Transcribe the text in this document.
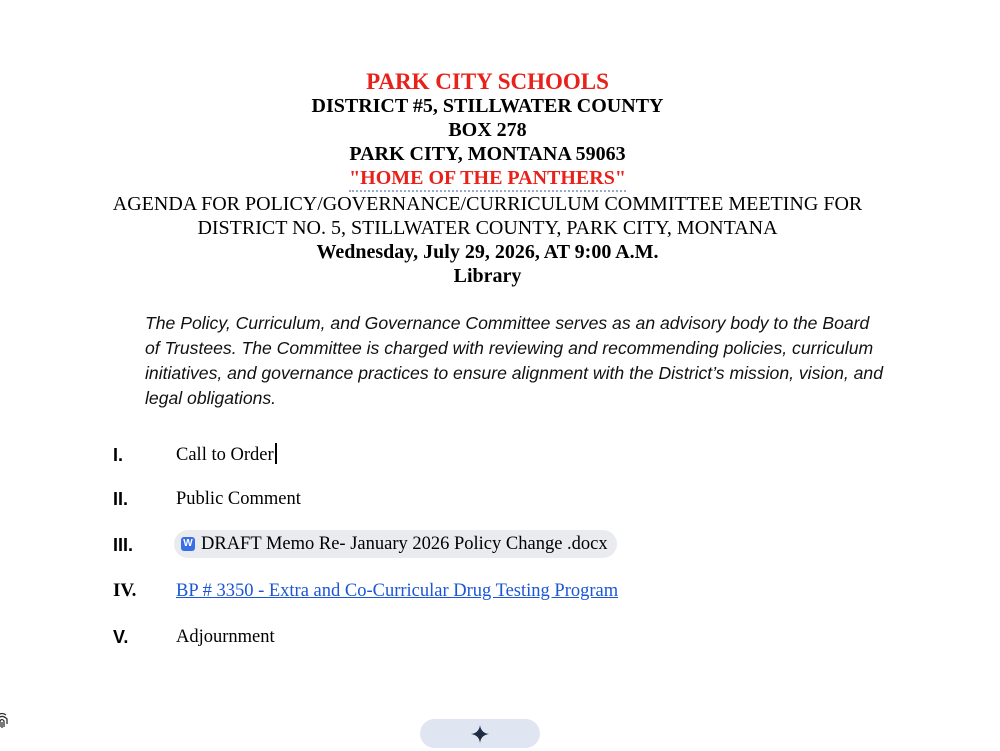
PARK CITY SCHOOLS
DISTRICT #5, STILLWATER COUNTY
BOX 278
PARK CITY, MONTANA 59063
"HOME OF THE PANTHERS"
AGENDA FOR POLICY/GOVERNANCE/CURRICULUM COMMITTEE MEETING FOR
DISTRICT NO. 5, STILLWATER COUNTY, PARK CITY, MONTANA
Wednesday, July 29, 2026, AT 9:00 A.M.
Library
The Policy, Curriculum, and Governance Committee serves as an advisory body to the Board of Trustees. The Committee is charged with reviewing and recommending policies, curriculum initiatives, and governance practices to ensure alignment with the District’s mission, vision, and legal obligations.
I.	Call to Order
II.	Public Comment
III.	W DRAFT Memo Re- January 2026 Policy Change .docx
IV. BP # 3350 - Extra and Co-Curricular Drug Testing Program
V.	Adjournment
